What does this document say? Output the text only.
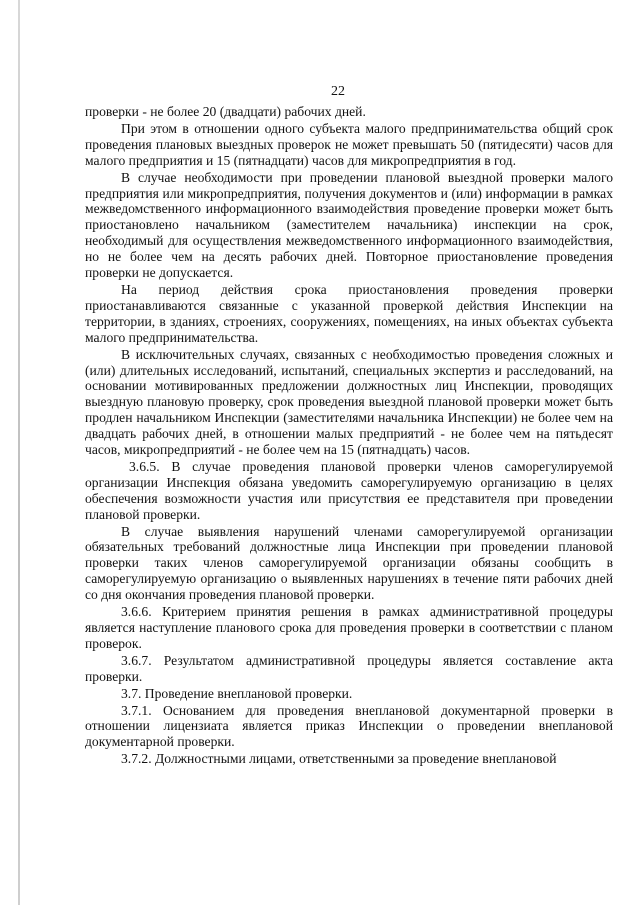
22

проверки - не более 20 (двадцати) рабочих дней.

При этом в отношении одного субъекта малого предпринимательства общий срок проведения плановых выездных проверок не может превышать 50 (пятидесяти) часов для малого предприятия и 15 (пятнадцати) часов для микропредприятия в год.

В случае необходимости при проведении плановой выездной проверки малого предприятия или микропредприятия, получения документов и (или) информации в рамках межведомственного информационного взаимодействия проведение проверки может быть приостановлено начальником (заместителем начальника) инспекции на срок, необходимый для осуществления межведомственного информационного взаимодействия, но не более чем на десять рабочих дней. Повторное приостановление проведения проверки не допускается.

На период действия срока приостановления проведения проверки приостанавливаются связанные с указанной проверкой действия Инспекции на территории, в зданиях, строениях, сооружениях, помещениях, на иных объектах субъекта малого предпринимательства.

В исключительных случаях, связанных с необходимостью проведения сложных и (или) длительных исследований, испытаний, специальных экспертиз и расследований, на основании мотивированных предложении должностных лиц Инспекции, проводящих выездную плановую проверку, срок проведения выездной плановой проверки может быть продлен начальником Инспекции (заместителями начальника Инспекции) не более чем на двадцать рабочих дней, в отношении малых предприятий - не более чем на пятьдесят часов, микропредприятий - не более чем на 15 (пятнадцать) часов.

3.6.5. В случае проведения плановой проверки членов саморегулируемой организации Инспекция обязана уведомить саморегулируемую организацию в целях обеспечения возможности участия или присутствия ее представителя при проведении плановой проверки.

В случае выявления нарушений членами саморегулируемой организации обязательных требований должностные лица Инспекции при проведении плановой проверки таких членов саморегулируемой организации обязаны сообщить в саморегулируемую организацию о выявленных нарушениях в течение пяти рабочих дней со дня окончания проведения плановой проверки.

3.6.6. Критерием принятия решения в рамках административной процедуры является наступление планового срока для проведения проверки в соответствии с планом проверок.

3.6.7. Результатом административной процедуры является составление акта проверки.

3.7. Проведение внеплановой проверки.

3.7.1. Основанием для проведения внеплановой документарной проверки в отношении лицензиата является приказ Инспекции о проведении внеплановой документарной проверки.

3.7.2. Должностными лицами, ответственными за проведение внеплановой
